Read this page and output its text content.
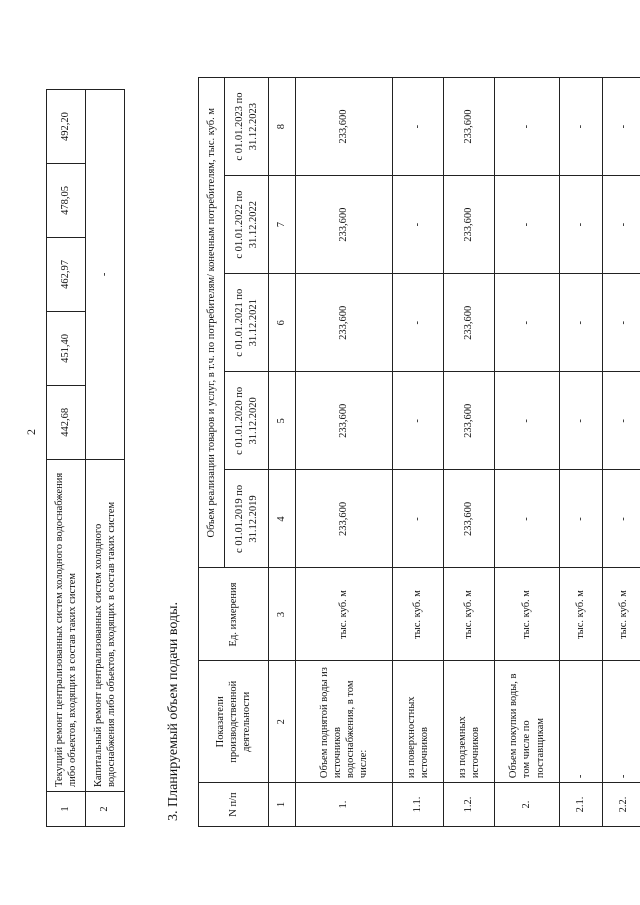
2
1	Текущий ремонт централизованных систем холодного водоснабжения либо объектов, входящих в состав таких систем	442,68	451,40	462,97	478,05	492,20
2	Капитальный ремонт централизованных систем холодного водоснабжения либо объектов, входящих в состав таких систем	-				
3. Планируемый объем подачи воды.	N п/п	Показатели производственной деятельности	Ед. измерения	Объем реализации товаров и услуг, в т.ч. по потребителям/ конечным потребителям, тыс. куб. м				
			с 01.01.2019 по 31.12.2019	с 01.01.2020 по 31.12.2020	с 01.01.2021 по 31.12.2021	с 01.01.2022 по 31.12.2022	с 01.01.2023 по 31.12.2023
1	2	3	4	5	6	7	8
1.	Объем поднятой воды из источников водоснабжения, в том числе:	тыс. куб. м	233,600	233,600	233,600	233,600	233,600
1.1.	из поверхностных источников	тыс. куб. м	-	-	-	-	-
1.2.	из подземных источников	тыс. куб. м	233,600	233,600	233,600	233,600	233,600
2.	Объем покупки воды, в том числе по поставщикам	тыс. куб. м	-	-	-	-	-
2.1.	-	тыс. куб. м	-	-	-	-	-
2.2.	-	тыс. куб. м	-	-	-	-	-
